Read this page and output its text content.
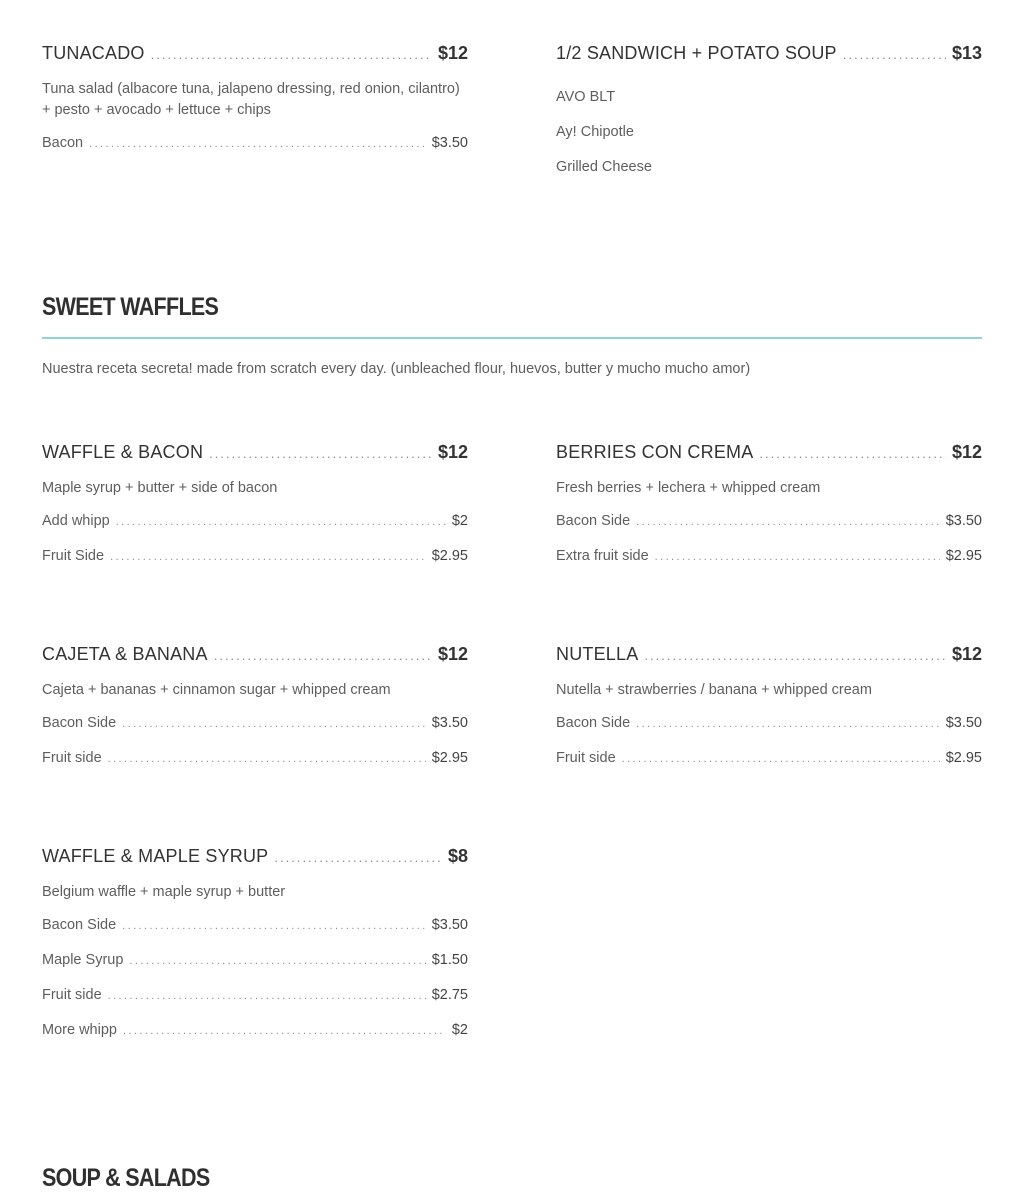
TUNACADO .....	$12
Tuna salad (albacore tuna, jalapeno dressing, red onion, cilantro) + pesto + avocado + lettuce + chips
Bacon .....	$3.50
1/2 SANDWICH + POTATO SOUP .....	$13
AVO BLT
Ay! Chipotle
Grilled Cheese
SWEET WAFFLES
Nuestra receta secreta! made from scratch every day. (unbleached flour, huevos, butter y mucho mucho amor)
WAFFLE & BACON .....	$12
Maple syrup + butter + side of bacon
Add whipp .....	$2
Fruit Side .....	$2.95
BERRIES CON CREMA .....	$12
Fresh berries + lechera + whipped cream
Bacon Side .....	$3.50
Extra fruit side .....	$2.95
CAJETA & BANANA .....	$12
Cajeta + bananas + cinnamon sugar + whipped cream
Bacon Side .....	$3.50
Fruit side .....	$2.95
NUTELLA .....	$12
Nutella + strawberries / banana + whipped cream
Bacon Side .....	$3.50
Fruit side .....	$2.95
WAFFLE & MAPLE SYRUP .....	$8
Belgium waffle + maple syrup + butter
Bacon Side .....	$3.50
Maple Syrup .....	$1.50
Fruit side .....	$2.75
More whipp .....	$2
SOUP & SALADS
